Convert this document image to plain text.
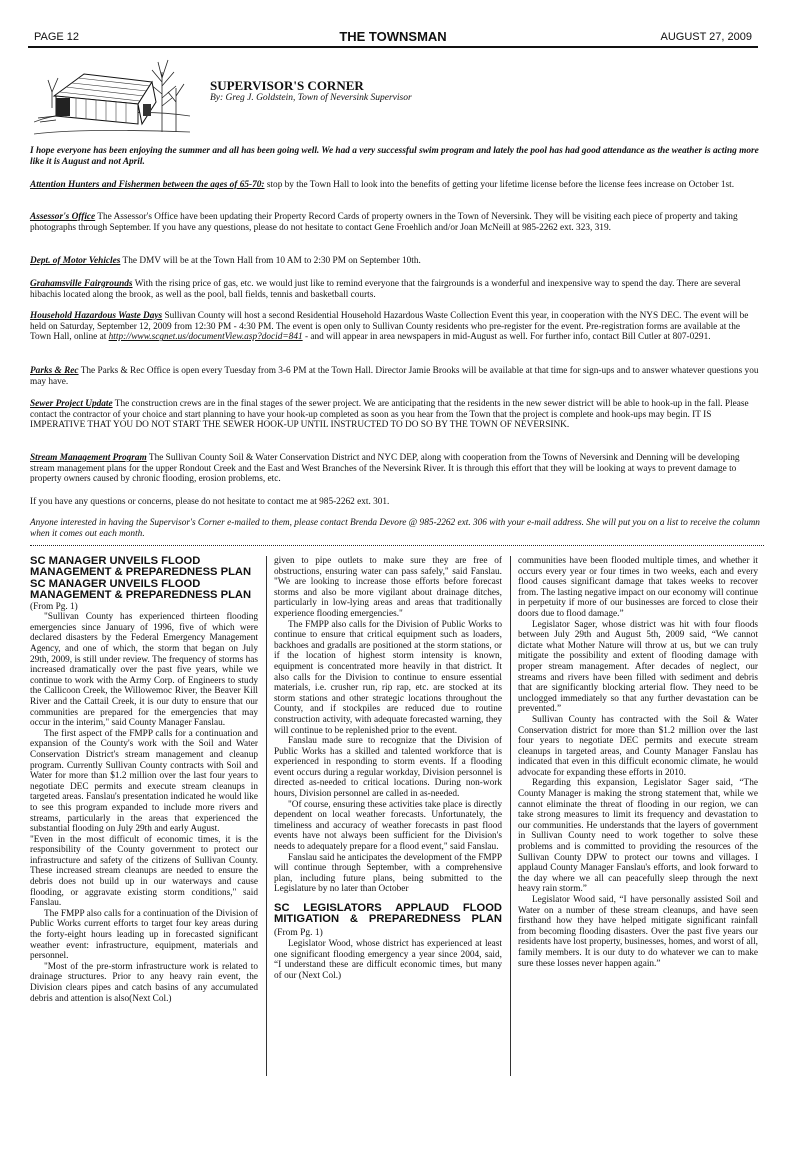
PAGE 12	THE TOWNSMAN	AUGUST 27, 2009
SUPERVISOR'S CORNER
By: Greg J. Goldstein, Town of Neversink Supervisor
I hope everyone has been enjoying the summer and all has been going well. We had a very successful swim program and lately the pool has had good attendance as the weather is acting more like it is August and not April.
Attention Hunters and Fishermen between the ages of 65-70: stop by the Town Hall to look into the benefits of getting your lifetime license before the license fees increase on October 1st.
Assessor's Office The Assessor's Office have been updating their Property Record Cards of property owners in the Town of Neversink. They will be visiting each piece of property and taking photographs through September. If you have any questions, please do not hesitate to contact Gene Froehlich and/or Joan McNeill at 985-2262 ext. 323, 319.
Dept. of Motor Vehicles The DMV will be at the Town Hall from 10 AM to 2:30 PM on September 10th.
Grahamsville Fairgrounds With the rising price of gas, etc. we would just like to remind everyone that the fairgrounds is a wonderful and inexpensive way to spend the day. There are several hibachis located along the brook, as well as the pool, ball fields, tennis and basketball courts.
Household Hazardous Waste Days Sullivan County will host a second Residential Household Hazardous Waste Collection Event this year, in cooperation with the NYS DEC. The event will be held on Saturday, September 12, 2009 from 12:30 PM - 4:30 PM. The event is open only to Sullivan County residents who pre-register for the event. Pre-registration forms are available at the Town Hall, online at http://www.scgnet.us/documentView.asp?docid=841 - and will appear in area newspapers in mid-August as well. For further info, contact Bill Cutler at 807-0291.
Parks & Rec The Parks & Rec Office is open every Tuesday from 3-6 PM at the Town Hall. Director Jamie Brooks will be available at that time for sign-ups and to answer whatever questions you may have.
Sewer Project Update The construction crews are in the final stages of the sewer project. We are anticipating that the residents in the new sewer district will be able to hook-up in the fall. Please contact the contractor of your choice and start planning to have your hook-up completed as soon as you hear from the Town that the project is complete and hook-ups may begin. IT IS IMPERATIVE THAT YOU DO NOT START THE SEWER HOOK-UP UNTIL INSTRUCTED TO DO SO BY THE TOWN OF NEVERSINK.
Stream Management Program The Sullivan County Soil & Water Conservation District and NYC DEP, along with cooperation from the Towns of Neversink and Denning will be developing stream management plans for the upper Rondout Creek and the East and West Branches of the Neversink River. It is through this effort that they will be looking at ways to prevent damage to property owners caused by chronic flooding, erosion problems, etc.
If you have any questions or concerns, please do not hesitate to contact me at 985-2262 ext. 301.
Anyone interested in having the Supervisor's Corner e-mailed to them, please contact Brenda Devore @ 985-2262 ext. 306 with your e-mail address. She will put you on a list to receive the column when it comes out each month.
SC MANAGER UNVEILS FLOOD MANAGEMENT & PREPAREDNESS PLAN SC MANAGER UNVEILS FLOOD MANAGEMENT & PREPAREDNESS PLAN

(From Pg. 1)

"Sullivan County has experienced thirteen flooding emergencies since January of 1996, five of which were declared disasters by the Federal Emergency Management Agency, and one of which, the storm that began on July 29th, 2009, is still under review. The frequency of storms has increased dramatically over the past five years, while we continue to work with the Army Corp. of Engineers to study the Callicoon Creek, the Willowemoc River, the Beaver Kill River and the Cattail Creek, it is our duty to ensure that our communities are prepared for the emergencies that may occur in the interim," said County Manager Fanslau.

The first aspect of the FMPP calls for a continuation and expansion of the County's work with the Soil and Water Conservation District's stream management and cleanup program. Currently Sullivan County contracts with Soil and Water for more than $1.2 million over the last four years to negotiate DEC permits and execute stream cleanups in targeted areas. Fanslau's presentation indicated he would like to see this program expanded to include more rivers and streams, particularly in the areas that experienced the substantial flooding on July 29th and early August.

"Even in the most difficult of economic times, it is the responsibility of the County government to protect our infrastructure and safety of the citizens of Sullivan County. These increased stream cleanups are needed to ensure the debris does not build up in our waterways and cause flooding, or aggravate existing storm conditions," said Fanslau.

The FMPP also calls for a continuation of the Division of Public Works current efforts to target four key areas during the forty-eight hours leading up in forecasted significant weather event: infrastructure, equipment, materials and personnel.

"Most of the pre-storm infrastructure work is related to drainage structures. Prior to any heavy rain event, the Division clears pipes and catch basins of any accumulated debris and attention is also(Next Col.)

given to pipe outlets to make sure they are free of obstructions, ensuring water can pass safely," said Fanslau. "We are looking to increase those efforts before forecast storms and also be more vigilant about drainage ditches, particularly in low-lying areas and areas that traditionally experience flooding emergencies."

The FMPP also calls for the Division of Public Works to continue to ensure that critical equipment such as loaders, backhoes and gradalls are positioned at the storm stations, or if the location of highest storm intensity is known, equipment is concentrated more heavily in that district. It also calls for the Division to continue to ensure essential materials, i.e. crusher run, rip rap, etc. are stocked at its storm stations and other strategic locations throughout the County, and if stockpiles are reduced due to routine construction activity, with adequate forecasted warning, they will continue to be replenished prior to the event.

Fanslau made sure to recognize that the Division of Public Works has a skilled and talented workforce that is experienced in responding to storm events. If a flooding event occurs during a regular workday, Division personnel is directed as-needed to critical locations. During non-work hours, Division personnel are called in as-needed.

"Of course, ensuring these activities take place is directly dependent on local weather forecasts. Unfortunately, the timeliness and accuracy of weather forecasts in past flood events have not always been sufficient for the Division's needs to adequately prepare for a flood event," said Fanslau.

Fanslau said he anticipates the development of the FMPP will continue through September, with a comprehensive plan, including future plans, being submitted to the Legislature by no later than October

SC LEGISLATORS APPLAUD FLOOD MITIGATION & PREPAREDNESS PLAN (From Pg. 1)

Legislator Wood, whose district has experienced at least one significant flooding emergency a year since 2004, said, “I understand these are difficult economic times, but many of our (Next Col.)

communities have been flooded multiple times, and whether it occurs every year or four times in two weeks, each and every flood causes significant damage that takes weeks to recover from. The lasting negative impact on our economy will continue in perpetuity if more of our businesses are forced to close their doors due to flood damage.”

Legislator Sager, whose district was hit with four floods between July 29th and August 5th, 2009 said, “We cannot dictate what Mother Nature will throw at us, but we can truly mitigate the possibility and extent of flooding damage with proper stream management. After decades of neglect, our streams and rivers have been filled with sediment and debris that are significantly blocking arterial flow. They need to be unclogged immediately so that any further devastation can be prevented.”

Sullivan County has contracted with the Soil & Water Conservation district for more than $1.2 million over the last four years to negotiate DEC permits and execute stream cleanups in targeted areas, and County Manager Fanslau has indicated that even in this difficult economic climate, he would advocate for expanding these efforts in 2010.

Regarding this expansion, Legislator Sager said, “The County Manager is making the strong statement that, while we cannot eliminate the threat of flooding in our region, we can take strong measures to limit its frequency and devastation to our communities. He understands that the layers of government in Sullivan County need to work together to solve these problems and is committed to providing the resources of the Sullivan County DPW to protect our towns and villages. I applaud County Manager Fanslau's efforts, and look forward to the day where we all can peacefully sleep through the next heavy rain storm.”

Legislator Wood said, “I have personally assisted Soil and Water on a number of these stream cleanups, and have seen firsthand how they have helped mitigate significant rainfall from becoming flooding disasters. Over the past five years our residents have lost property, businesses, homes, and worst of all, family members. It is our duty to do whatever we can to make sure these losses never happen again.”
